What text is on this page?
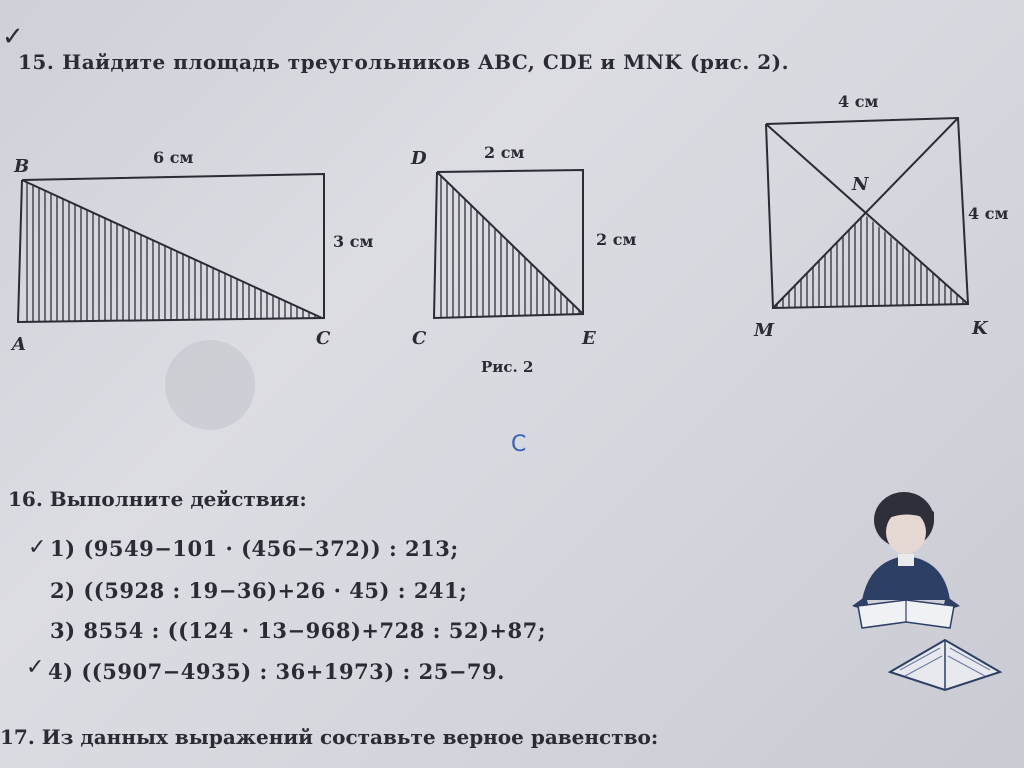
✓
15. Найдите площадь треугольников ABC, CDE и MNK (рис. 2).

B	6 см
3 см
A	C
D	2 см
2 см
C	E
4 см
N
4 см
M	K
Рис. 2
С
16. Выполните действия:
✓ 1) (9549−101 · (456−372)) : 213;
2) ((5928 : 19−36)+26 · 45) : 241;
3) 8554 : ((124 · 13−968)+728 : 52)+87;
✓ 4) ((5907−4935) : 36+1973) : 25−79.
17. Из данных выражений составьте верное равенство:
